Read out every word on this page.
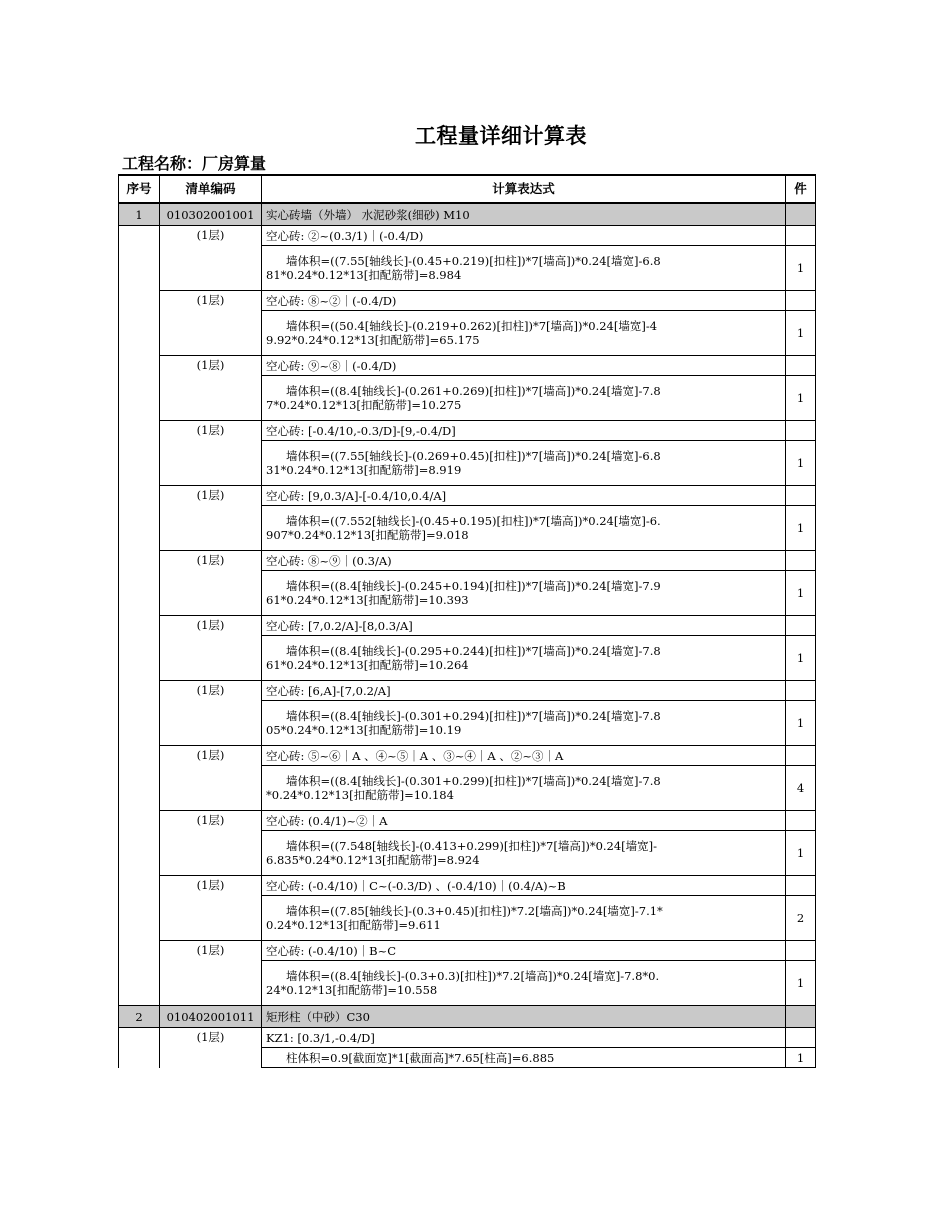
工程量详细计算表
工程名称：厂房算量
序号	清单编码	计算表达式	件
1	010302001001	实心砖墙（外墙） 水泥砂浆(细砂) M10	
	(1层)	空心砖: ②~(0.3/1)｜(-0.4/D)	

		墙体积=((7.55[轴线长]-(0.45+0.219)[扣柱])*7[墙高])*0.24[墙宽]-6.881*0.24*0.12*13[扣配筋带]=8.984	1
	(1层)	空心砖: ⑧~②｜(-0.4/D)	

		墙体积=((50.4[轴线长]-(0.219+0.262)[扣柱])*7[墙高])*0.24[墙宽]-49.92*0.24*0.12*13[扣配筋带]=65.175	1
	(1层)	空心砖: ⑨~⑧｜(-0.4/D)	

		墙体积=((8.4[轴线长]-(0.261+0.269)[扣柱])*7[墙高])*0.24[墙宽]-7.87*0.24*0.12*13[扣配筋带]=10.275	1
	(1层)	空心砖: [-0.4/10,-0.3/D]-[9,-0.4/D]	

		墙体积=((7.55[轴线长]-(0.269+0.45)[扣柱])*7[墙高])*0.24[墙宽]-6.831*0.24*0.12*13[扣配筋带]=8.919	1
	(1层)	空心砖: [9,0.3/A]-[-0.4/10,0.4/A]	

		墙体积=((7.552[轴线长]-(0.45+0.195)[扣柱])*7[墙高])*0.24[墙宽]-6.907*0.24*0.12*13[扣配筋带]=9.018	1
	(1层)	空心砖: ⑧~⑨｜(0.3/A)	

		墙体积=((8.4[轴线长]-(0.245+0.194)[扣柱])*7[墙高])*0.24[墙宽]-7.961*0.24*0.12*13[扣配筋带]=10.393	1
	(1层)	空心砖: [7,0.2/A]-[8,0.3/A]	

		墙体积=((8.4[轴线长]-(0.295+0.244)[扣柱])*7[墙高])*0.24[墙宽]-7.861*0.24*0.12*13[扣配筋带]=10.264	1
	(1层)	空心砖: [6,A]-[7,0.2/A]	

		墙体积=((8.4[轴线长]-(0.301+0.294)[扣柱])*7[墙高])*0.24[墙宽]-7.805*0.24*0.12*13[扣配筋带]=10.19	1
	(1层)	空心砖: ⑤~⑥｜A 、④~⑤｜A 、③~④｜A 、②~③｜A	

		墙体积=((8.4[轴线长]-(0.301+0.299)[扣柱])*7[墙高])*0.24[墙宽]-7.8*0.24*0.12*13[扣配筋带]=10.184	4
	(1层)	空心砖: (0.4/1)~②｜A	

		墙体积=((7.548[轴线长]-(0.413+0.299)[扣柱])*7[墙高])*0.24[墙宽]-6.835*0.24*0.12*13[扣配筋带]=8.924	1
	(1层)	空心砖: (-0.4/10)｜C~(-0.3/D) 、(-0.4/10)｜(0.4/A)~B	

		墙体积=((7.85[轴线长]-(0.3+0.45)[扣柱])*7.2[墙高])*0.24[墙宽]-7.1*0.24*0.12*13[扣配筋带]=9.611	2
	(1层)	空心砖: (-0.4/10)｜B~C	

		墙体积=((8.4[轴线长]-(0.3+0.3)[扣柱])*7.2[墙高])*0.24[墙宽]-7.8*0.24*0.12*13[扣配筋带]=10.558	1
2	010402001011	矩形柱（中砂）C30	
	(1层)	KZ1: [0.3/1,-0.4/D]	

		柱体积=0.9[截面宽]*1[截面高]*7.65[柱高]=6.885	1
